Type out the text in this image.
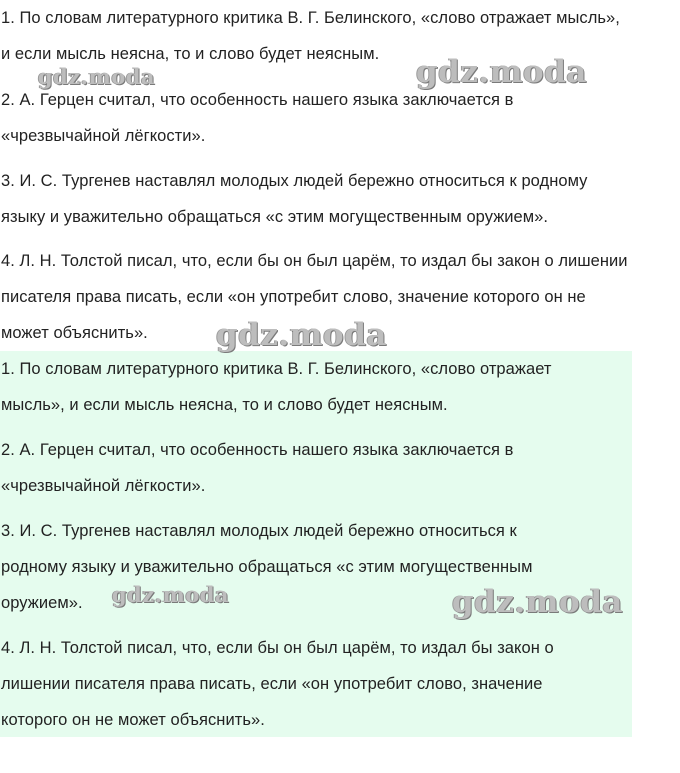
1. По словам литературного критика В. Г. Белинского, «слово отражает мысль»,
и если мысль неясна, то и слово будет неясным.
2. А. Герцен считал, что особенность нашего языка заключается в
«чрезвычайной лёгкости».
3. И. С. Тургенев наставлял молодых людей бережно относиться к родному
языку и уважительно обращаться «с этим могущественным оружием».
4. Л. Н. Толстой писал, что, если бы он был царём, то издал бы закон о лишении
писателя права писать, если «он употребит слово, значение которого он не
может объяснить».
1. По словам литературного критика В. Г. Белинского, «слово отражает
мысль», и если мысль неясна, то и слово будет неясным.
2. А. Герцен считал, что особенность нашего языка заключается в
«чрезвычайной лёгкости».
3. И. С. Тургенев наставлял молодых людей бережно относиться к
родному языку и уважительно обращаться «с этим могущественным
оружием».
4. Л. Н. Толстой писал, что, если бы он был царём, то издал бы закон о
лишении писателя права писать, если «он употребит слово, значение
которого он не может объяснить».
gdz.moda	gdz.moda
gdz.moda
gdz.moda	gdz.moda
